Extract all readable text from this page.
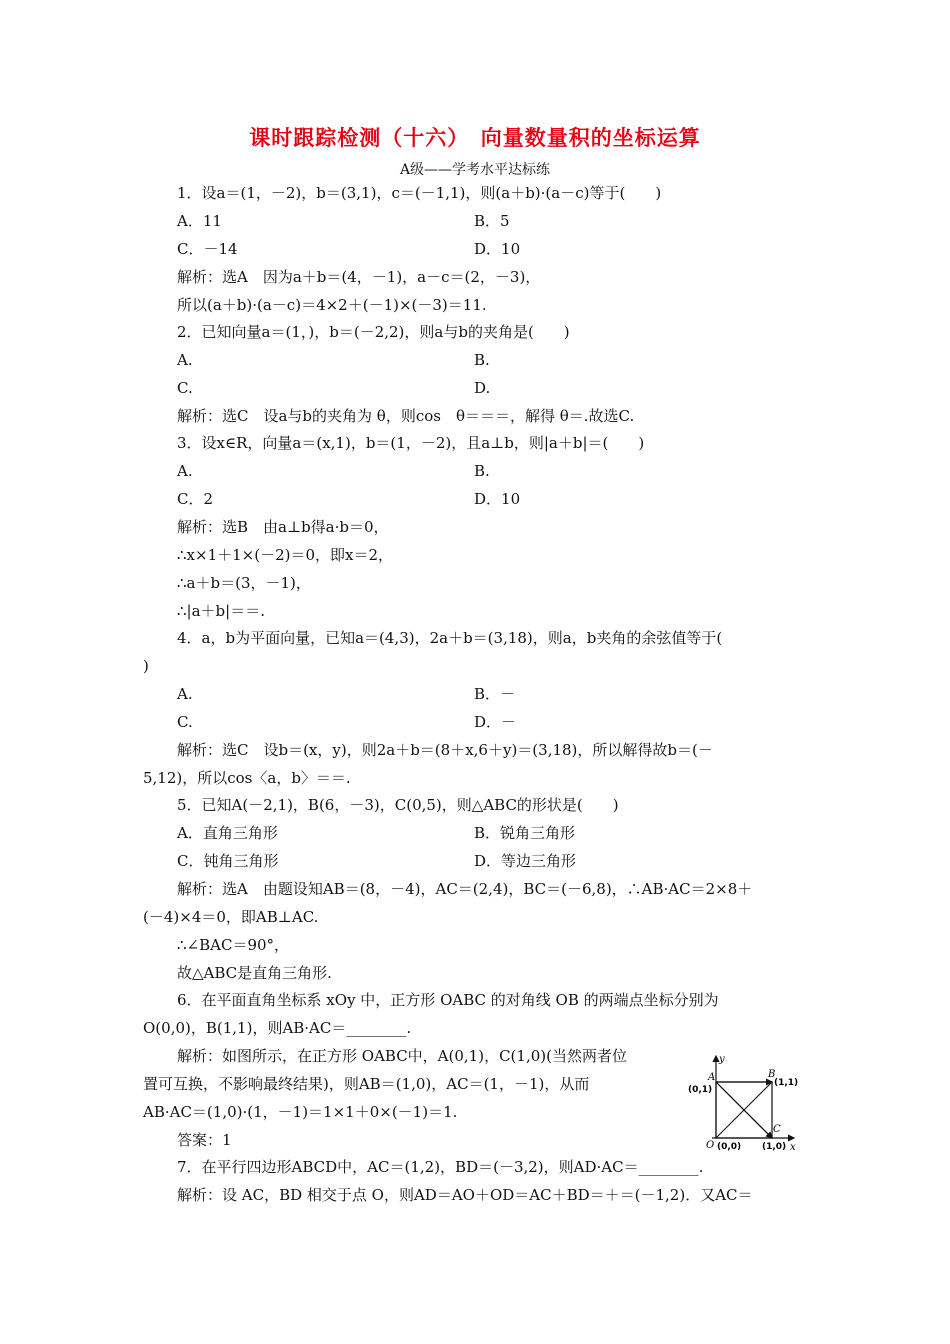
课时跟踪检测（十六）　向量数量积的坐标运算
A级——学考水平达标练
1．设a＝(1，－2)，b＝(3,1)，c＝(－1,1)，则(a＋b)·(a－c)等于(　　)
A．11	B．5
C．－14	D．10
解析：选A　因为a＋b＝(4，－1)，a－c＝(2，－3)，
所以(a＋b)·(a－c)＝4×2＋(－1)×(－3)＝11.
2．已知向量a＝(1，)，b＝(－2,2)，则a与b的夹角是(　　)
A.	B.
C.	D.
解析：选C　设a与b的夹角为 θ，则cos　θ＝＝＝，解得 θ＝.故选C.
3．设x∈R，向量a＝(x,1)，b＝(1，－2)，且a⊥b，则|a＋b|＝(　　)
A.	B.
C．2	D．10
解析：选B　由a⊥b得a·b＝0，
∴x×1＋1×(－2)＝0，即x＝2，
∴a＋b＝(3，－1)，
∴|a＋b|＝＝.
4．a，b为平面向量，已知a＝(4,3)，2a＋b＝(3,18)，则a，b夹角的余弦值等于(
)
A.	B．－
C.	D．－
解析：选C　设b＝(x，y)，则2a＋b＝(8＋x,6＋y)＝(3,18)，所以解得故b＝(－
5,12)，所以cos〈a，b〉＝＝.
5．已知A(－2,1)，B(6，－3)，C(0,5)，则△ABC的形状是(　　)
A．直角三角形	B．锐角三角形
C．钝角三角形	D．等边三角形
解析：选A　由题设知AB＝(8，－4)，AC＝(2,4)，BC＝(－6,8)，∴AB·AC＝2×8＋
(－4)×4＝0，即AB⊥AC.
∴∠BAC＝90°，
故△ABC是直角三角形.
6．在平面直角坐标系 xOy 中，正方形 OABC 的对角线 OB 的两端点坐标分别为
O(0,0)，B(1,1)，则AB·AC＝________.
解析：如图所示，在正方形 OABC中，A(0,1)，C(1,0)(当然两者位
置可互换，不影响最终结果)，则AB＝(1,0)，AC＝(1，－1)，从而
AB·AC＝(1,0)·(1，－1)＝1×1＋0×(－1)＝1.
答案：1
y
x
O (0,0)
A
(0,1)
B
(1,1)
C
(1,0)
7．在平行四边形ABCD中，AC＝(1,2)，BD＝(－3,2)，则AD·AC＝________.
解析：设 AC，BD 相交于点 O，则AD＝AO＋OD＝AC＋BD＝＋＝(－1,2)．又AC＝
